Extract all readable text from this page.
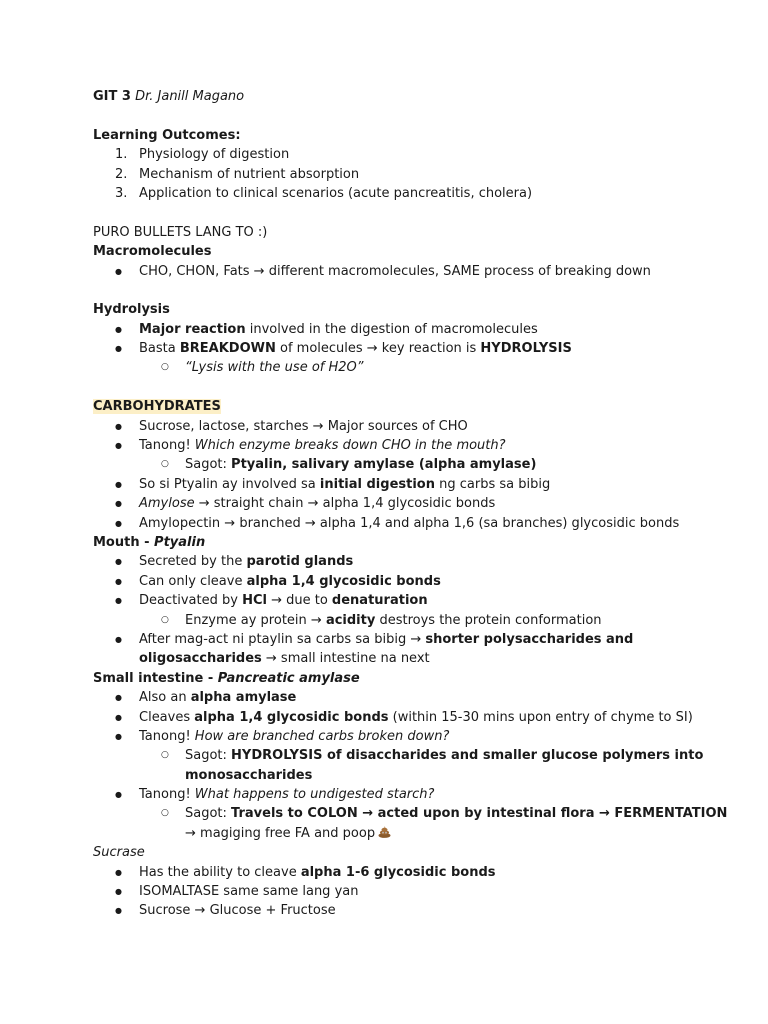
GIT 3 Dr. Janill Magano
Learning Outcomes:
1. Physiology of digestion
2. Mechanism of nutrient absorption
3. Application to clinical scenarios (acute pancreatitis, cholera)
PURO BULLETS LANG TO :)
Macromolecules
● CHO, CHON, Fats → different macromolecules, SAME process of breaking down
Hydrolysis
● Major reaction involved in the digestion of macromolecules
● Basta BREAKDOWN of molecules → key reaction is HYDROLYSIS
○ “Lysis with the use of H2O”
CARBOHYDRATES
● Sucrose, lactose, starches → Major sources of CHO
● Tanong! Which enzyme breaks down CHO in the mouth?
○ Sagot: Ptyalin, salivary amylase (alpha amylase)
● So si Ptyalin ay involved sa initial digestion ng carbs sa bibig
● Amylose → straight chain → alpha 1,4 glycosidic bonds
● Amylopectin → branched → alpha 1,4 and alpha 1,6 (sa branches) glycosidic bonds
Mouth - Ptyalin
● Secreted by the parotid glands
● Can only cleave alpha 1,4 glycosidic bonds
● Deactivated by HCl → due to denaturation
○ Enzyme ay protein → acidity destroys the protein conformation
● After mag-act ni ptaylin sa carbs sa bibig → shorter polysaccharides and
oligosaccharides → small intestine na next
Small intestine - Pancreatic amylase
● Also an alpha amylase
● Cleaves alpha 1,4 glycosidic bonds (within 15-30 mins upon entry of chyme to SI)
● Tanong! How are branched carbs broken down?
○ Sagot: HYDROLYSIS of disaccharides and smaller glucose polymers into
monosaccharides
● Tanong! What happens to undigested starch?
○ Sagot: Travels to COLON → acted upon by intestinal flora → FERMENTATION
→ magiging free FA and poop
Sucrase
● Has the ability to cleave alpha 1-6 glycosidic bonds
● ISOMALTASE same same lang yan
● Sucrose → Glucose + Fructose
